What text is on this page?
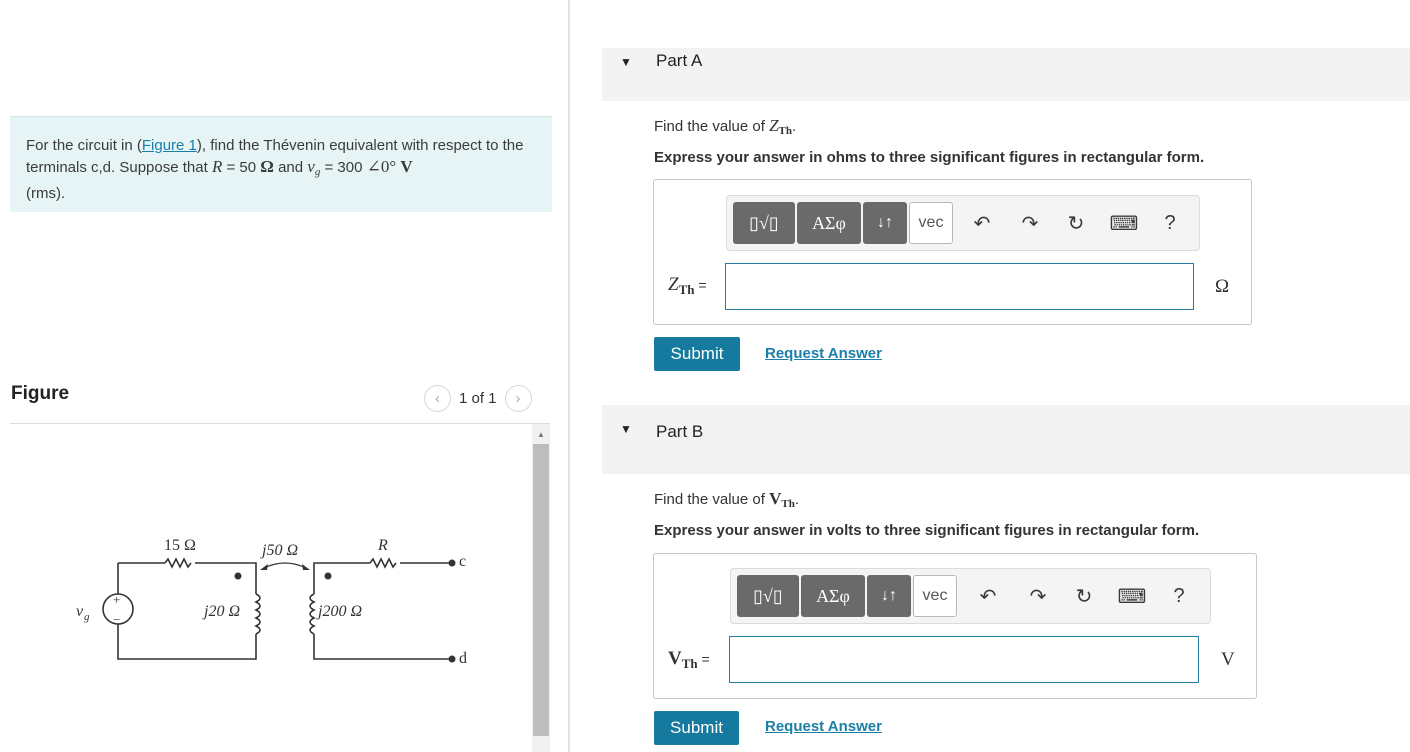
For the circuit in (Figure 1), find the Thévenin equivalent with respect to the terminals c,d. Suppose that R = 50 Ω and $v_g = 300$ ∠0° V
(rms).
Figure	‹	1 of 1	›
15 Ω	j50 Ω	R
j20 Ω	j200 Ω
v g
+
−
c
d
▲
▼ Part A
Find the value of $Z_{Th}$.
Express your answer in ohms to three significant figures in rectangular form.
▯√▯ ΑΣφ ↓↑	vec	↶ ↷ ↻ ⌨	?
$Z_{Th}$ =	Ω
Submit	Request Answer
▼ Part B
Find the value of $V_{Th}$.
Express your answer in volts to three significant figures in rectangular form.
▯√▯ ΑΣφ ↓↑	vec	↶ ↷ ↻ ⌨	?
$V_{Th}$ =	V
Submit	Request Answer
